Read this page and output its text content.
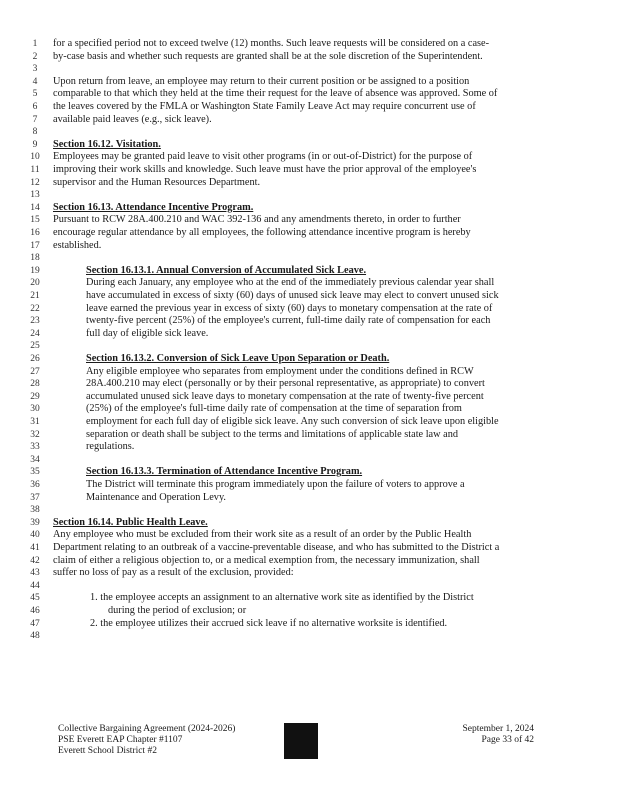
1	for a specified period not to exceed twelve (12) months. Such leave requests will be considered on a case-
2	by-case basis and whether such requests are granted shall be at the sole discretion of the Superintendent.
3
4	Upon return from leave, an employee may return to their current position or be assigned to a position
5	comparable to that which they held at the time their request for the leave of absence was approved. Some of
6	the leaves covered by the FMLA or Washington State Family Leave Act may require concurrent use of
7	available paid leaves (e.g., sick leave).
8
9	Section 16.12. Visitation.
10 Employees may be granted paid leave to visit other programs (in or out-of-District) for the purpose of
11 improving their work skills and knowledge. Such leave must have the prior approval of the employee's
12 supervisor and the Human Resources Department.
13
14 Section 16.13. Attendance Incentive Program.
15 Pursuant to RCW 28A.400.210 and WAC 392-136 and any amendments thereto, in order to further
16 encourage regular attendance by all employees, the following attendance incentive program is hereby
17 established.
18
19	Section 16.13.1. Annual Conversion of Accumulated Sick Leave.
20	During each January, any employee who at the end of the immediately previous calendar year shall
21	have accumulated in excess of sixty (60) days of unused sick leave may elect to convert unused sick
22	leave earned the previous year in excess of sixty (60) days to monetary compensation at the rate of
23	twenty-five percent (25%) of the employee's current, full-time daily rate of compensation for each
24	full day of eligible sick leave.
25
26	Section 16.13.2. Conversion of Sick Leave Upon Separation or Death.
27	Any eligible employee who separates from employment under the conditions defined in RCW
28	28A.400.210 may elect (personally or by their personal representative, as appropriate) to convert
29	accumulated unused sick leave days to monetary compensation at the rate of twenty-five percent
30	(25%) of the employee's full-time daily rate of compensation at the time of separation from
31	employment for each full day of eligible sick leave. Any such conversion of sick leave upon eligible
32	separation or death shall be subject to the terms and limitations of applicable state law and
33	regulations.
34
35	Section 16.13.3. Termination of Attendance Incentive Program.
36	The District will terminate this program immediately upon the failure of voters to approve a
37	Maintenance and Operation Levy.
38
39 Section 16.14. Public Health Leave.
40 Any employee who must be excluded from their work site as a result of an order by the Public Health
41 Department relating to an outbreak of a vaccine-preventable disease, and who has submitted to the District a
42 claim of either a religious objection to, or a medical exemption from, the necessary immunization, shall
43 suffer no loss of pay as a result of the exclusion, provided:
44
45	1. the employee accepts an assignment to an alternative work site as identified by the District
46	during the period of exclusion; or
47	2. the employee utilizes their accrued sick leave if no alternative worksite is identified.
48
Collective Bargaining Agreement (2024-2026)
PSE Everett EAP Chapter #1107
Everett School District #2
September 1, 2024
Page 33 of 42
